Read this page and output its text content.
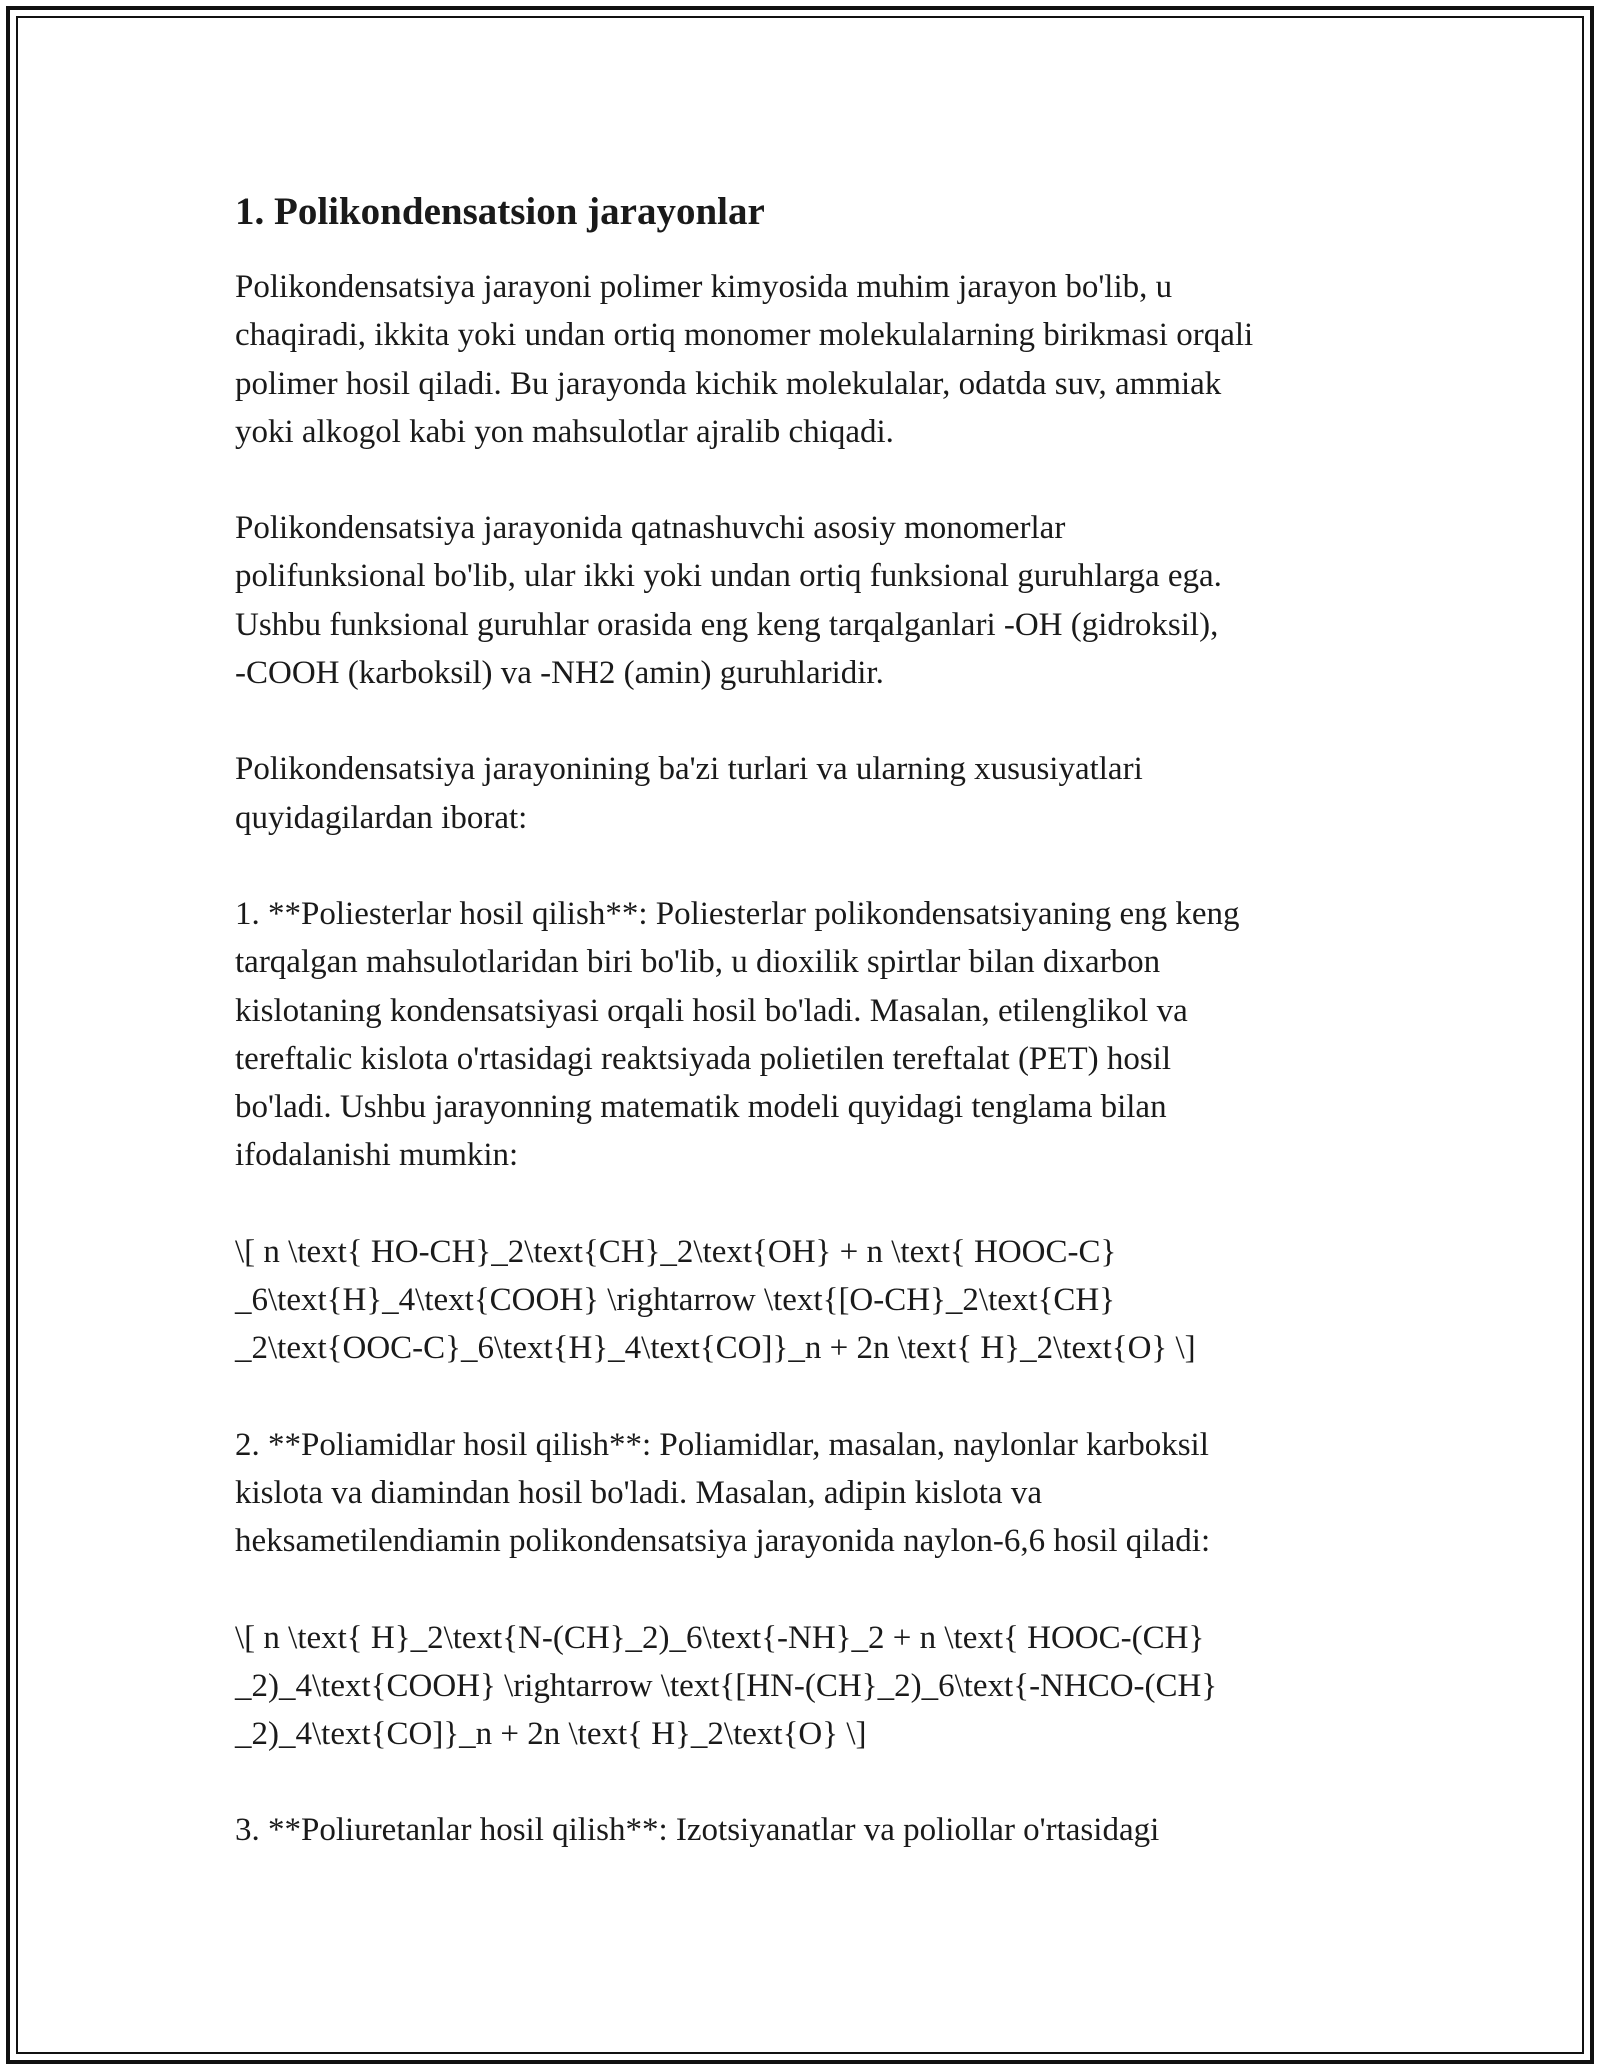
1. Polikondensatsion jarayonlar

Polikondensatsiya jarayoni polimer kimyosida muhim jarayon bo'lib, u
chaqiradi, ikkita yoki undan ortiq monomer molekulalarning birikmasi orqali
polimer hosil qiladi. Bu jarayonda kichik molekulalar, odatda suv, ammiak
yoki alkogol kabi yon mahsulotlar ajralib chiqadi.

Polikondensatsiya jarayonida qatnashuvchi asosiy monomerlar
polifunksional bo'lib, ular ikki yoki undan ortiq funksional guruhlarga ega.
Ushbu funksional guruhlar orasida eng keng tarqalganlari -OH (gidroksil),
-COOH (karboksil) va -NH2 (amin) guruhlaridir.

Polikondensatsiya jarayonining ba'zi turlari va ularning xususiyatlari
quyidagilardan iborat:

1. **Poliesterlar hosil qilish**: Poliesterlar polikondensatsiyaning eng keng
tarqalgan mahsulotlaridan biri bo'lib, u dioxilik spirtlar bilan dixarbon
kislotaning kondensatsiyasi orqali hosil bo'ladi. Masalan, etilenglikol va
tereftalic kislota o'rtasidagi reaktsiyada polietilen tereftalat (PET) hosil
bo'ladi. Ushbu jarayonning matematik modeli quyidagi tenglama bilan
ifodalanishi mumkin:

\[ n \text{ HO-CH}_2\text{CH}_2\text{OH} + n \text{ HOOC-C}
_6\text{H}_4\text{COOH} \rightarrow \text{[O-CH}_2\text{CH}
_2\text{OOC-C}_6\text{H}_4\text{CO]}_n + 2n \text{ H}_2\text{O} \]

2. **Poliamidlar hosil qilish**: Poliamidlar, masalan, naylonlar karboksil
kislota va diamindan hosil bo'ladi. Masalan, adipin kislota va
heksametilendiamin polikondensatsiya jarayonida naylon-6,6 hosil qiladi:

\[ n \text{ H}_2\text{N-(CH}_2)_6\text{-NH}_2 + n \text{ HOOC-(CH}
_2)_4\text{COOH} \rightarrow \text{[HN-(CH}_2)_6\text{-NHCO-(CH}
_2)_4\text{CO]}_n + 2n \text{ H}_2\text{O} \]

3. **Poliuretanlar hosil qilish**: Izotsiyanatlar va poliollar o'rtasidagi
